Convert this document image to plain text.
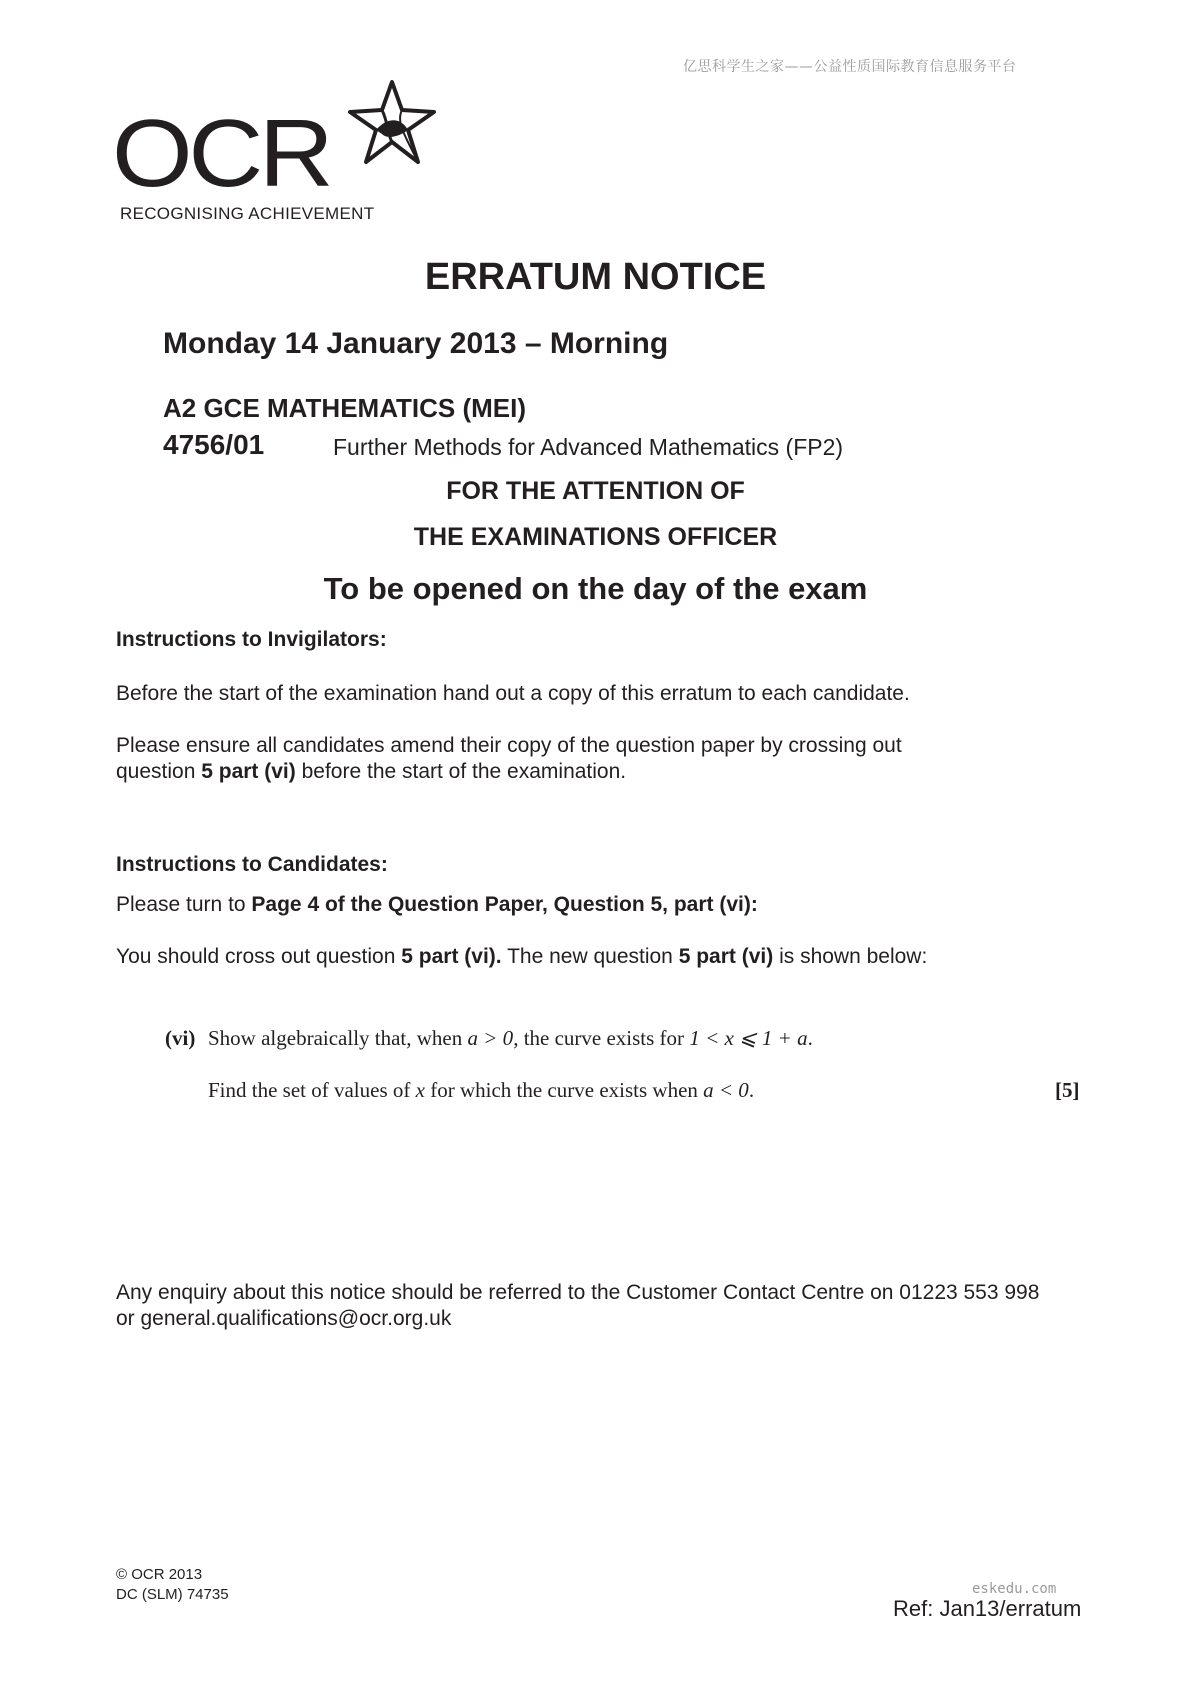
亿思科学生之家——公益性质国际教育信息服务平台
OCR
RECOGNISING ACHIEVEMENT
ERRATUM NOTICE
Monday 14 January 2013 – Morning
A2 GCE MATHEMATICS (MEI)
4756/01	Further Methods for Advanced Mathematics (FP2)
FOR THE ATTENTION OF
THE EXAMINATIONS OFFICER
To be opened on the day of the exam
Instructions to Invigilators:
Before the start of the examination hand out a copy of this erratum to each candidate.
Please ensure all candidates amend their copy of the question paper by crossing out
question 5 part (vi) before the start of the examination.
Instructions to Candidates:
Please turn to Page 4 of the Question Paper, Question 5, part (vi):
You should cross out question 5 part (vi). The new question 5 part (vi) is shown below:
(vi) Show algebraically that, when a > 0, the curve exists for 1 < x ⩽ 1 + a.
Find the set of values of x for which the curve exists when a < 0.	[5]
Any enquiry about this notice should be referred to the Customer Contact Centre on 01223 553 998
or general.qualifications@ocr.org.uk
© OCR 2013
DC (SLM) 74735	eskedu.com
Ref: Jan13/erratum
